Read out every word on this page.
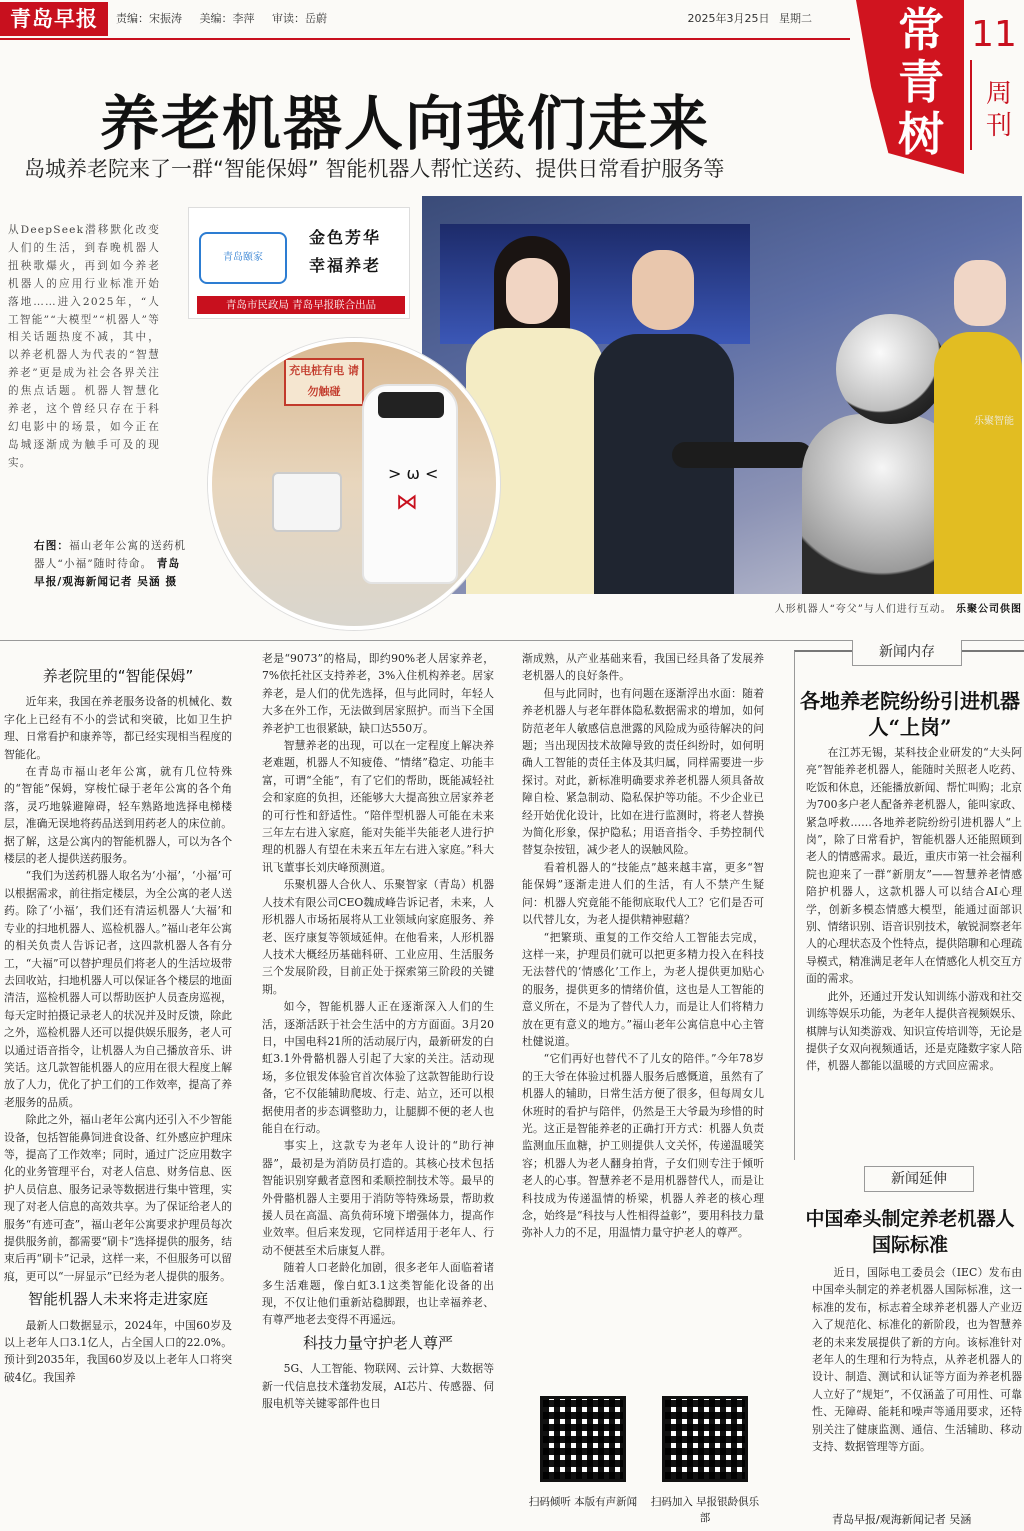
青岛早报	责编：宋振涛 美编：李萍 审读：岳蔚	2025年3月25日 星期二 常青树
11
周刊
养老机器人向我们走来
岛城养老院来了一群“智能保姆” 智能机器人帮忙送药、提供日常看护服务等
从DeepSeek潜移默化改变人们的生活，到春晚机器人扭秧歌爆火，再到如今养老机器人的应用行业标准开始落地……进入2025年，“人工智能”“大模型”“机器人”等相关话题热度不减，其中，以养老机器人为代表的“智慧养老”更是成为社会各界关注的焦点话题。机器人智慧化养老，这个曾经只存在于科幻电影中的场景，如今正在岛城逐渐成为触手可及的现实。
右图：福山老年公寓的送药机器人“小福”随时待命。 青岛早报/观海新闻记者 吴涵 摄
乐聚智能
青岛颐家
金色芳华 幸福养老
青岛市民政局 青岛早报联合出品
充电桩有电 请勿触碰
> ω <
⋈
人形机器人“夸父”与人们进行互动。 乐聚公司供图
养老院里的“智能保姆”

近年来，我国在养老服务设备的机械化、数字化上已经有不小的尝试和突破，比如卫生护理、日常看护和康养等，都已经实现相当程度的智能化。

在青岛市福山老年公寓，就有几位特殊的“智能”保姆，穿梭忙碌于老年公寓的各个角落，灵巧地躲避障碍，轻车熟路地选择电梯楼层，准确无误地将药品送到用药老人的床位前。据了解，这是公寓内的智能机器人，可以为各个楼层的老人提供送药服务。

“我们为送药机器人取名为‘小福’，‘小福’可以根据需求，前往指定楼层，为全公寓的老人送药。除了‘小福’，我们还有清运机器人‘大福’和专业的扫地机器人、巡检机器人。”福山老年公寓的相关负责人告诉记者，这四款机器人各有分工，“大福”可以替护理员们将老人的生活垃圾带去回收站，扫地机器人可以保证各个楼层的地面清洁，巡检机器人可以帮助医护人员查房巡视，每天定时拍摄记录老人的状况并及时反馈，除此之外，巡检机器人还可以提供娱乐服务，老人可以通过语音指令，让机器人为自己播放音乐、讲笑话。这几款智能机器人的应用在很大程度上解放了人力，优化了护工们的工作效率，提高了养老服务的品质。

除此之外，福山老年公寓内还引入不少智能设备，包括智能鼻饲进食设备、红外感应护理床等，提高了工作效率；同时，通过广泛应用数字化的业务管理平台，对老人信息、财务信息、医护人员信息、服务记录等数据进行集中管理，实现了对老人信息的高效共享。为了保证给老人的服务“有迹可查”，福山老年公寓要求护理员每次提供服务前，都需要“刷卡”选择提供的服务，结束后再“刷卡”记录，这样一来，不但服务可以留痕，更可以“一屏显示”已经为老人提供的服务。

智能机器人未来将走进家庭

最新人口数据显示，2024年，中国60岁及以上老年人口3.1亿人，占全国人口的22.0%。预计到2035年，我国60岁及以上老年人口将突破4亿。我国养

老是“9073”的格局，即约90%老人居家养老，7%依托社区支持养老，3%入住机构养老。居家养老，是人们的优先选择，但与此同时，年轻人大多在外工作，无法做到居家照护。而当下全国养老护工也很紧缺，缺口达550万。

智慧养老的出现，可以在一定程度上解决养老难题，机器人不知疲倦、“情绪”稳定、功能丰富，可谓“全能”，有了它们的帮助，既能减轻社会和家庭的负担，还能够大大提高独立居家养老的可行性和舒适性。“陪伴型机器人可能在未来三年左右进入家庭，能对失能半失能老人进行护理的机器人有望在未来五年左右进入家庭。”科大讯飞董事长刘庆峰预测道。

乐聚机器人合伙人、乐聚智家（青岛）机器人技术有限公司CEO魏成峰告诉记者，未来，人形机器人市场拓展将从工业领域向家庭服务、养老、医疗康复等领域延伸。在他看来，人形机器人技术大概经历基础科研、工业应用、生活服务三个发展阶段，目前正处于探索第三阶段的关键期。

如今，智能机器人正在逐渐深入人们的生活，逐渐活跃于社会生活中的方方面面。3月20日，中国电科21所的活动展厅内，最新研发的白虹3.1外骨骼机器人引起了大家的关注。活动现场，多位银发体验官首次体验了这款智能助行设备，它不仅能辅助爬坡、行走、站立，还可以根据使用者的步态调整助力，让腿脚不便的老人也能自在行动。

事实上，这款专为老年人设计的“助行神器”，最初是为消防员打造的。其核心技术包括智能识别穿戴者意图和柔顺控制技术等。最早的外骨骼机器人主要用于消防等特殊场景，帮助救援人员在高温、高负荷环境下增强体力，提高作业效率。但后来发现，它同样适用于老年人、行动不便甚至术后康复人群。

随着人口老龄化加剧，很多老年人面临着诸多生活难题，像白虹3.1这类智能化设备的出现，不仅让他们重新站稳脚跟，也让幸福养老、有尊严地老去变得不再遥远。

科技力量守护老人尊严

5G、人工智能、物联网、云计算、大数据等新一代信息技术蓬勃发展，AI芯片、传感器、伺服电机等关键零部件也日

渐成熟，从产业基础来看，我国已经具备了发展养老机器人的良好条件。

但与此同时，也有问题在逐渐浮出水面：随着养老机器人与老年群体隐私数据需求的增加，如何防范老年人敏感信息泄露的风险成为亟待解决的问题；当出现因技术故障导致的责任纠纷时，如何明确人工智能的责任主体及其归属，同样需要进一步探讨。对此，新标准明确要求养老机器人须具备故障自检、紧急制动、隐私保护等功能。不少企业已经开始优化设计，比如在进行监测时，将老人替换为简化形象，保护隐私；用语音指令、手势控制代替复杂按钮，减少老人的误触风险。

看着机器人的“技能点”越来越丰富，更多“智能保姆”逐渐走进人们的生活，有人不禁产生疑问：机器人究竟能不能彻底取代人工？它们是否可以代替儿女，为老人提供精神慰藉？

“把繁琐、重复的工作交给人工智能去完成，这样一来，护理员们就可以把更多精力投入在科技无法替代的‘情感化’工作上，为老人提供更加贴心的服务，提供更多的情绪价值，这也是人工智能的意义所在，不是为了替代人力，而是让人们将精力放在更有意义的地方。”福山老年公寓信息中心主管杜健说道。

“它们再好也替代不了儿女的陪伴。”今年78岁的王大爷在体验过机器人服务后感慨道，虽然有了机器人的辅助，日常生活方便了很多，但每周女儿休班时的看护与陪伴，仍然是王大爷最为珍惜的时光。这正是智能养老的正确打开方式：机器人负责监测血压血糖，护工则提供人文关怀，传递温暖笑容；机器人为老人翻身拍背，子女们则专注于倾听老人的心事。智慧养老不是用机器替代人，而是让科技成为传递温情的桥梁，机器人养老的核心理念，始终是“科技与人性相得益彰”，要用科技力量弥补人力的不足，用温情力量守护老人的尊严。

扫码倾听 本版有声新闻 扫码加入 早报银龄俱乐部
新闻内存
各地养老院纷纷引进机器人“上岗”

在江苏无锡，某科技企业研发的“大头阿亮”智能养老机器人，能随时关照老人吃药、吃饭和休息，还能播放新闻、帮忙叫购；北京为700多户老人配备养老机器人，能叫家政、紧急呼救……各地养老院纷纷引进机器人“上岗”，除了日常看护，智能机器人还能照顾到老人的情感需求。最近，重庆市第一社会福利院也迎来了一群“新朋友”——智慧养老情感陪护机器人，这款机器人可以结合AI心理学，创新多模态情感大模型，能通过面部识别、情绪识别、语音识别技术，敏锐洞察老年人的心理状态及个性特点，提供陪聊和心理疏导模式，精准满足老年人在情感化人机交互方面的需求。

此外，还通过开发认知训练小游戏和社交训练等娱乐功能，为老年人提供音视频娱乐、棋牌与认知类游戏、知识宣传培训等，无论是提供子女双向视频通话，还是克隆数字家人陪伴，机器人都能以温暖的方式回应需求。

新闻延伸
中国牵头制定养老机器人国际标准

近日，国际电工委员会（IEC）发布由中国牵头制定的养老机器人国际标准，这一标准的发布，标志着全球养老机器人产业迈入了规范化、标准化的新阶段，也为智慧养老的未来发展提供了新的方向。该标准针对老年人的生理和行为特点，从养老机器人的设计、制造、测试和认证等方面为养老机器人立好了“规矩”，不仅涵盖了可用性、可靠性、无障碍、能耗和噪声等通用要求，还特别关注了健康监测、通信、生活辅助、移动支持、数据管理等方面。

青岛早报/观海新闻记者 吴涵
